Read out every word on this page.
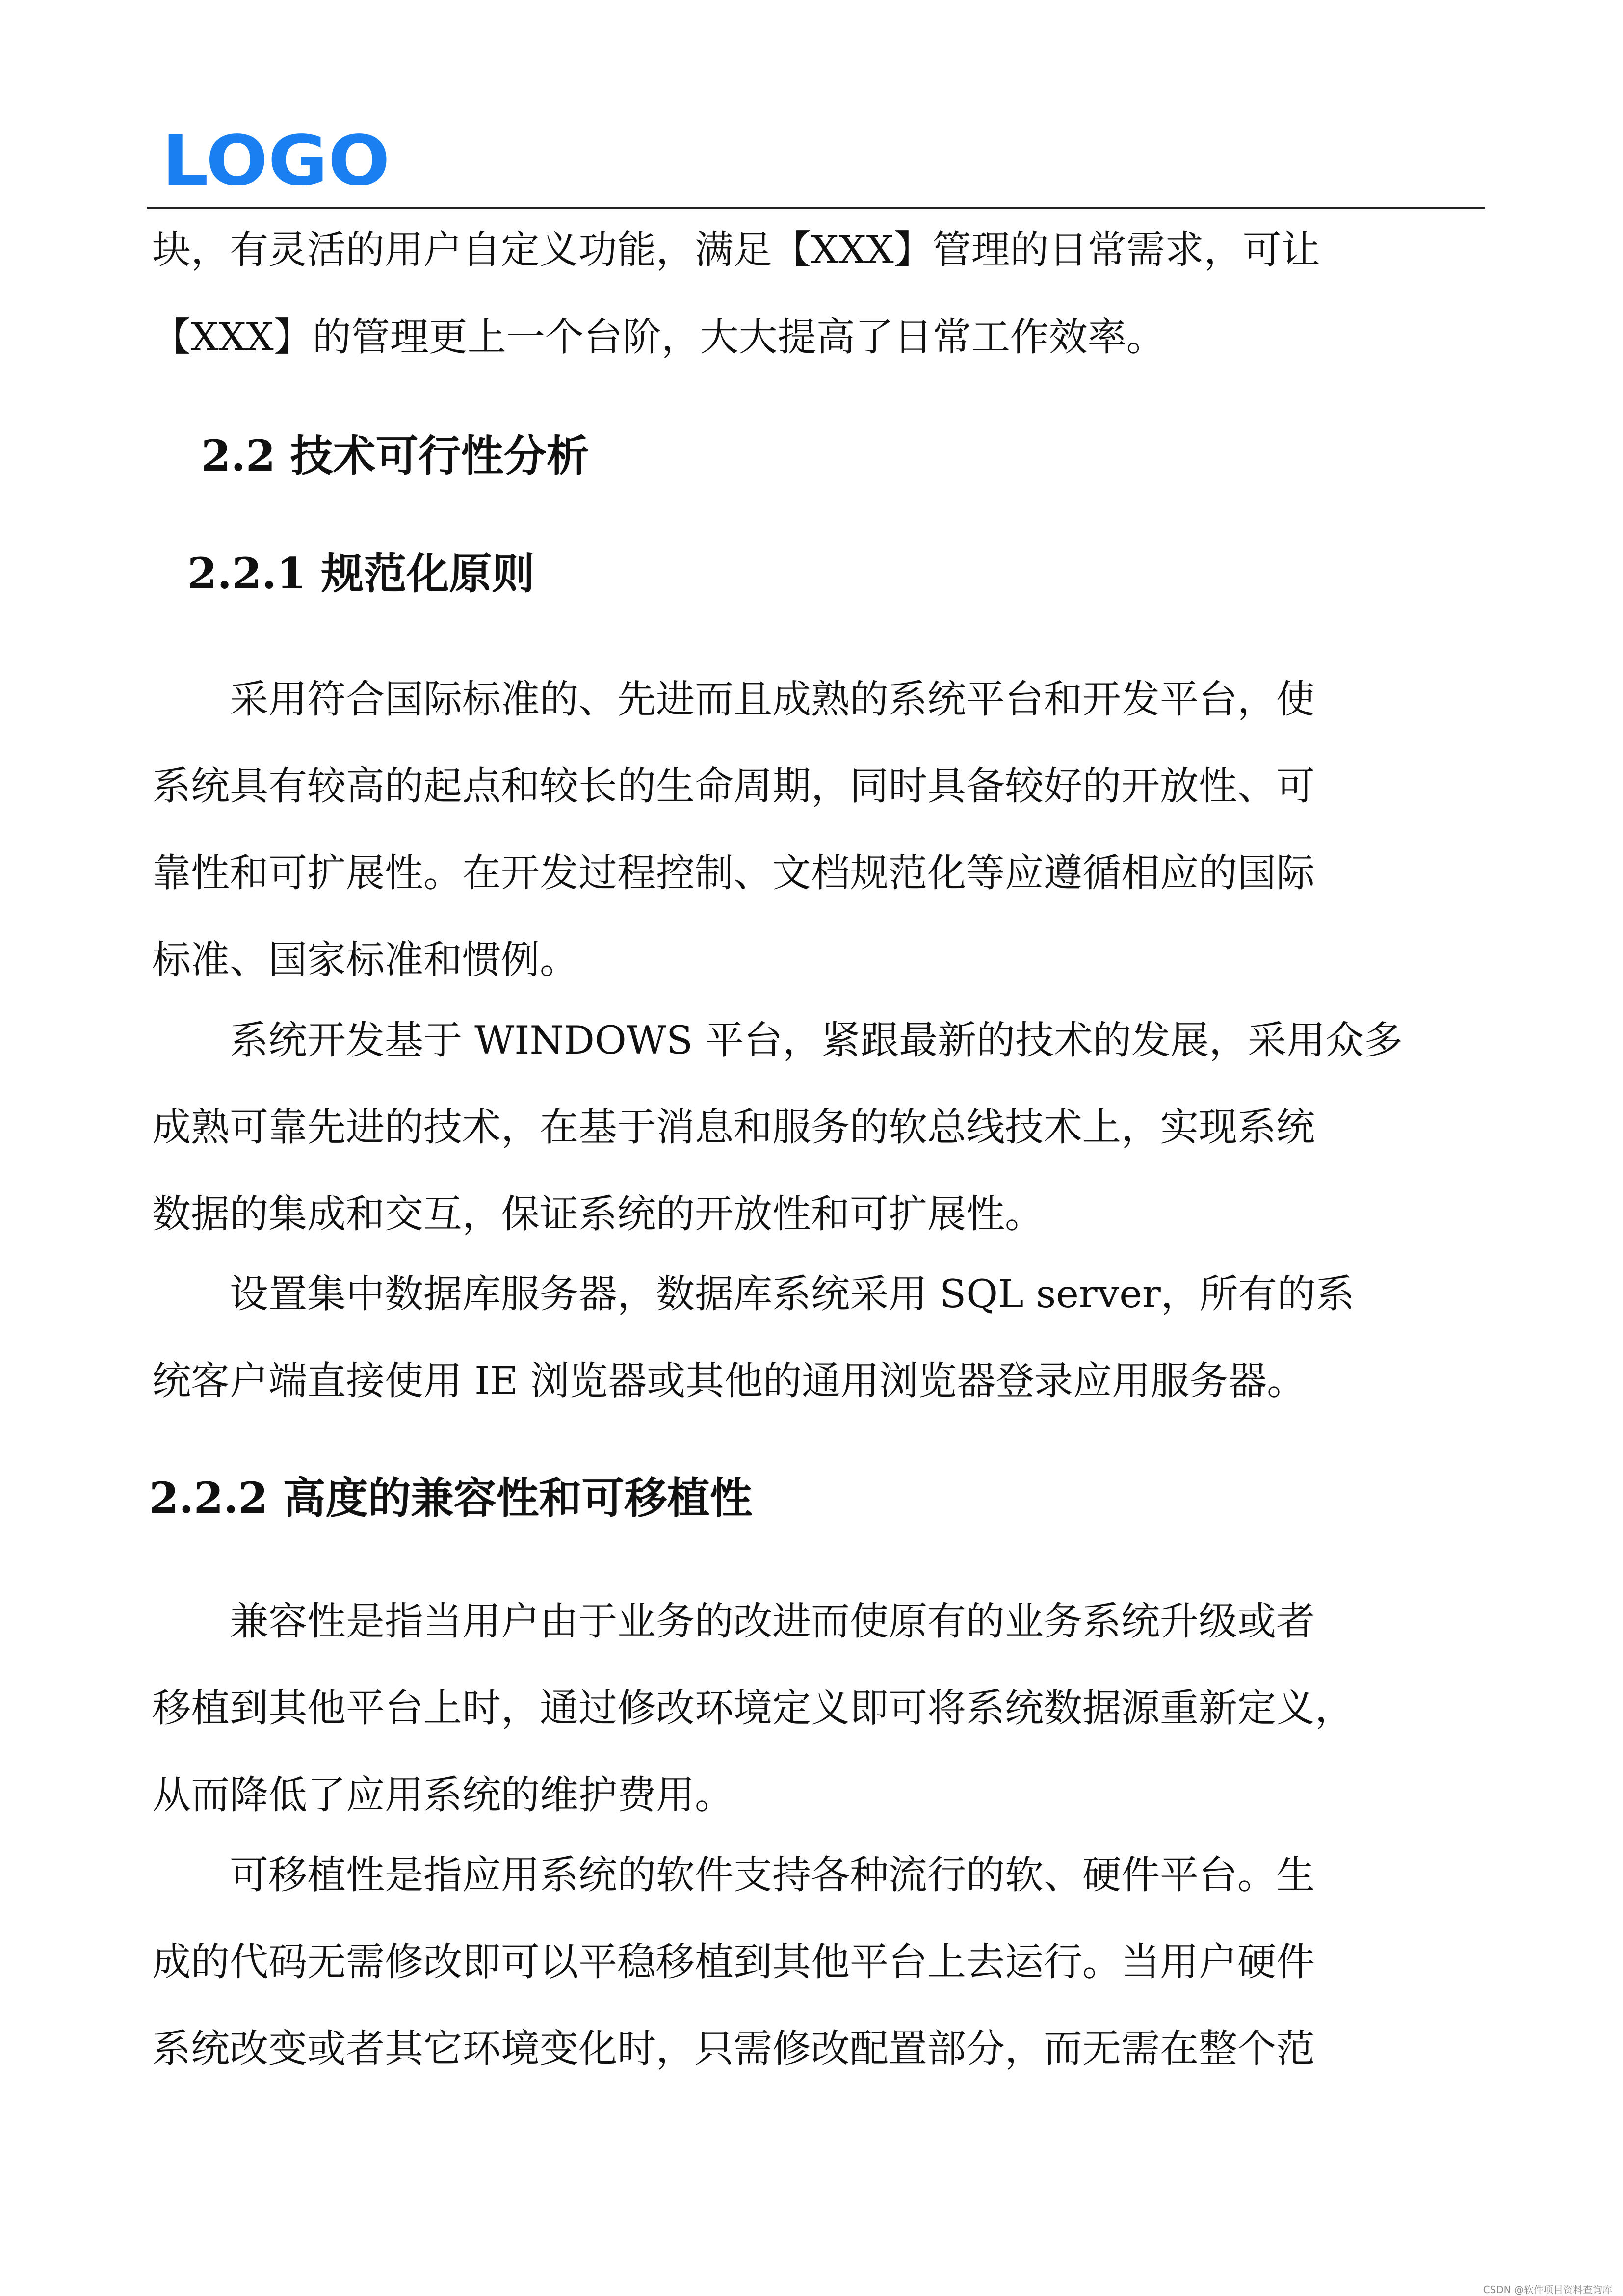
LOGO
块，有灵活的用户自定义功能，满足【XXX】管理的日常需求，可让
【XXX】的管理更上一个台阶，大大提高了日常工作效率。
2.2 技术可行性分析
2.2.1 规范化原则
　　采用符合国际标准的、先进而且成熟的系统平台和开发平台，使
系统具有较高的起点和较长的生命周期，同时具备较好的开放性、可
靠性和可扩展性。在开发过程控制、文档规范化等应遵循相应的国际
标准、国家标准和惯例。
　　系统开发基于 WINDOWS 平台，紧跟最新的技术的发展，采用众多
成熟可靠先进的技术，在基于消息和服务的软总线技术上，实现系统
数据的集成和交互，保证系统的开放性和可扩展性。
　　设置集中数据库服务器，数据库系统采用 SQL server，所有的系
统客户端直接使用 IE 浏览器或其他的通用浏览器登录应用服务器。
2.2.2 高度的兼容性和可移植性
　　兼容性是指当用户由于业务的改进而使原有的业务系统升级或者
移植到其他平台上时，通过修改环境定义即可将系统数据源重新定义，
从而降低了应用系统的维护费用。
　　可移植性是指应用系统的软件支持各种流行的软、硬件平台。生
成的代码无需修改即可以平稳移植到其他平台上去运行。当用户硬件
系统改变或者其它环境变化时，只需修改配置部分，而无需在整个范
CSDN @软件项目资料查询库
